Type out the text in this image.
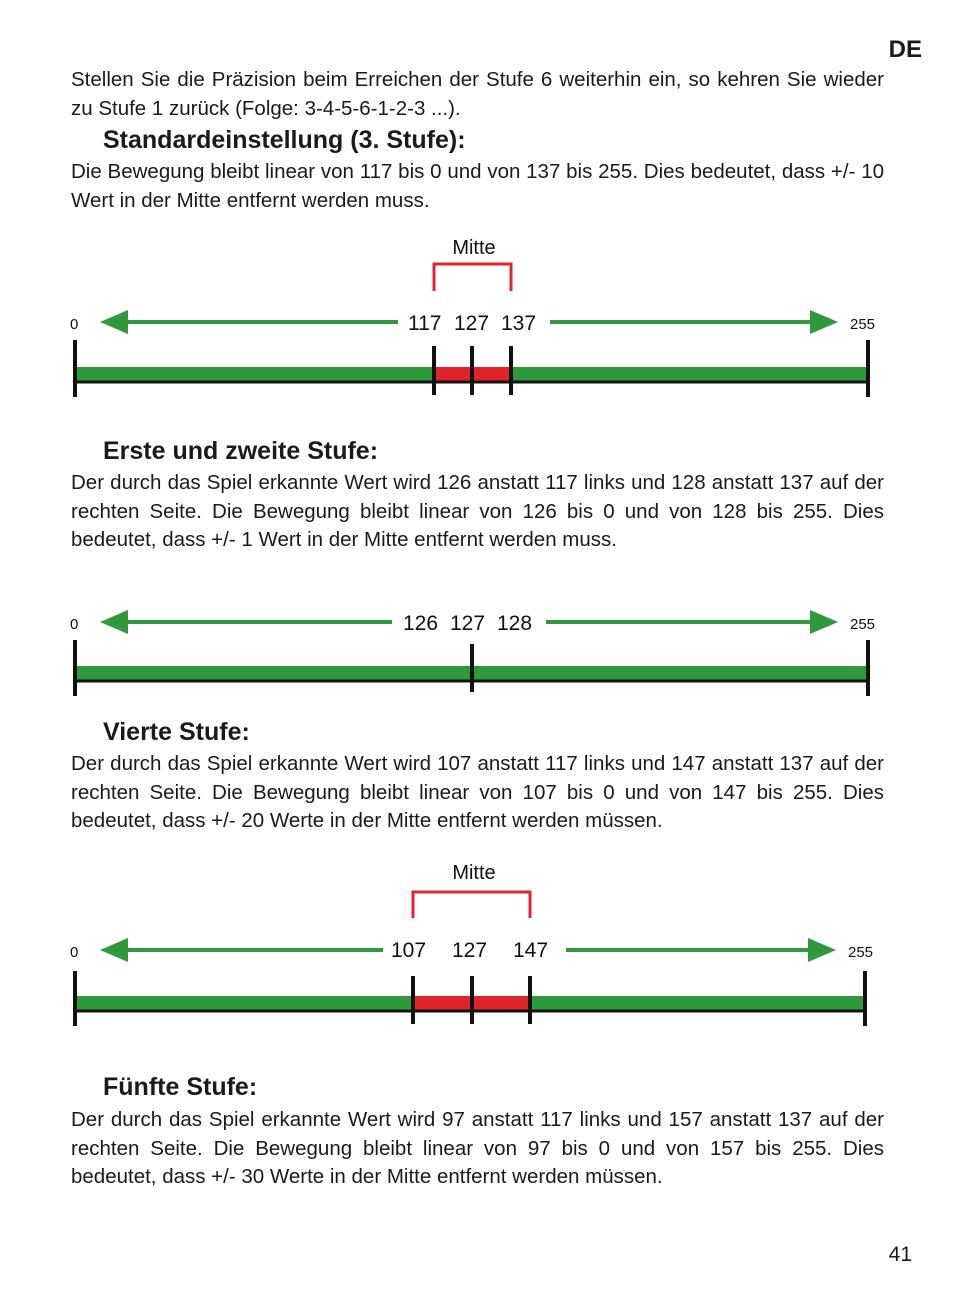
DE

Stellen Sie die Präzision beim Erreichen der Stufe 6 weiterhin ein, so kehren Sie wieder zu Stufe 1 zurück (Folge: 3-4-5-6-1-2-3 ...).

Standardeinstellung (3. Stufe):

Die Bewegung bleibt linear von 117 bis 0 und von 137 bis 255. Dies bedeutet, dass +/- 10 Wert in der Mitte entfernt werden muss.

Mitte
0	255
117 127 137
Erste und zweite Stufe:

Der durch das Spiel erkannte Wert wird 126 anstatt 117 links und 128 anstatt 137 auf der rechten Seite. Die Bewegung bleibt linear von 126 bis 0 und von 128 bis 255. Dies bedeutet, dass +/- 1 Wert in der Mitte entfernt werden muss.

0	255
126 127 128
Vierte Stufe:

Der durch das Spiel erkannte Wert wird 107 anstatt 117 links und 147 anstatt 137 auf der rechten Seite. Die Bewegung bleibt linear von 107 bis 0 und von 147 bis 255. Dies bedeutet, dass +/- 20 Werte in der Mitte entfernt werden müssen.

Mitte
0	255
107 127 147
Fünfte Stufe:

Der durch das Spiel erkannte Wert wird 97 anstatt 117 links und 157 anstatt 137 auf der rechten Seite. Die Bewegung bleibt linear von 97 bis 0 und von 157 bis 255. Dies bedeutet, dass +/- 30 Werte in der Mitte entfernt werden müssen.

41
